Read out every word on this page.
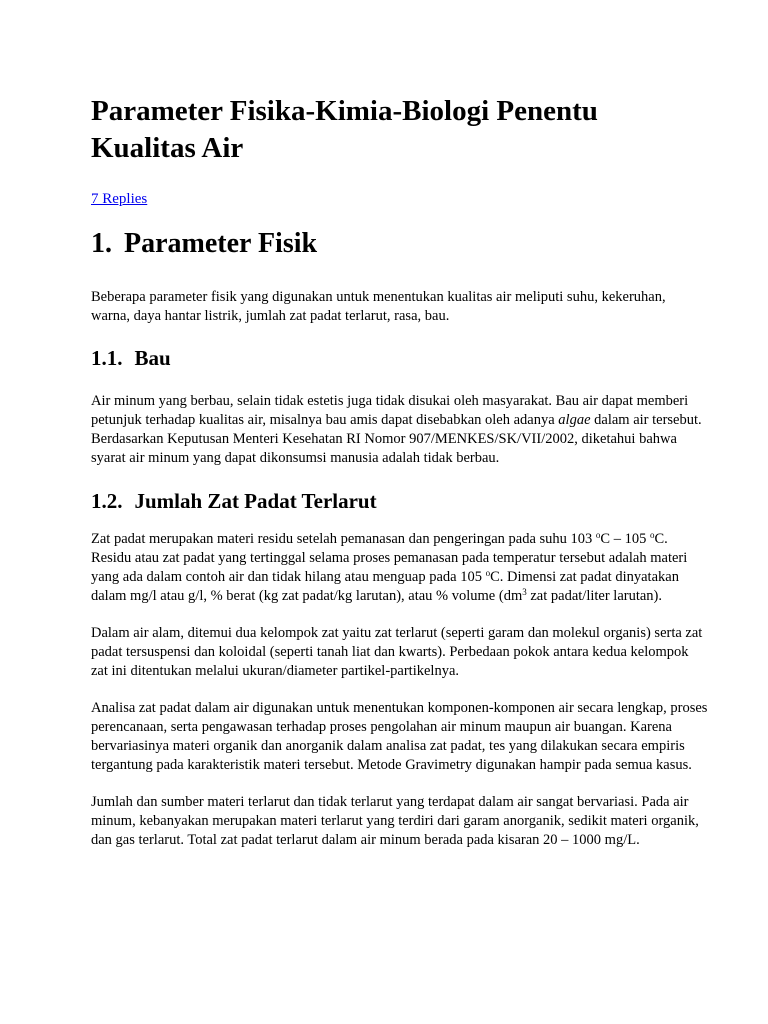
Parameter Fisika-Kimia-Biologi Penentu Kualitas Air
7 Replies
1. Parameter Fisik

Beberapa parameter fisik yang digunakan untuk menentukan kualitas air meliputi suhu, kekeruhan, warna, daya hantar listrik, jumlah zat padat terlarut, rasa, bau.

1.1. Bau

Air minum yang berbau, selain tidak estetis juga tidak disukai oleh masyarakat. Bau air dapat memberi petunjuk terhadap kualitas air, misalnya bau amis dapat disebabkan oleh adanya algae dalam air tersebut. Berdasarkan Keputusan Menteri Kesehatan RI Nomor 907/MENKES/SK/VII/2002, diketahui bahwa syarat air minum yang dapat dikonsumsi manusia adalah tidak berbau.

1.2. Jumlah Zat Padat Terlarut

Zat padat merupakan materi residu setelah pemanasan dan pengeringan pada suhu 103 $^o$C – 105 $^o$C. Residu atau zat padat yang tertinggal selama proses pemanasan pada temperatur tersebut adalah materi yang ada dalam contoh air dan tidak hilang atau menguap pada 105 $^o$C. Dimensi zat padat dinyatakan dalam mg/l atau g/l, % berat (kg zat padat/kg larutan), atau % volume ($dm^3$ zat padat/liter larutan).

Dalam air alam, ditemui dua kelompok zat yaitu zat terlarut (seperti garam dan molekul organis) serta zat padat tersuspensi dan koloidal (seperti tanah liat dan kwarts). Perbedaan pokok antara kedua kelompok zat ini ditentukan melalui ukuran/diameter partikel-partikelnya.

Analisa zat padat dalam air digunakan untuk menentukan komponen-komponen air secara lengkap, proses perencanaan, serta pengawasan terhadap proses pengolahan air minum maupun air buangan. Karena bervariasinya materi organik dan anorganik dalam analisa zat padat, tes yang dilakukan secara empiris tergantung pada karakteristik materi tersebut. Metode Gravimetry digunakan hampir pada semua kasus.

Jumlah dan sumber materi terlarut dan tidak terlarut yang terdapat dalam air sangat bervariasi. Pada air minum, kebanyakan merupakan materi terlarut yang terdiri dari garam anorganik, sedikit materi organik, dan gas terlarut. Total zat padat terlarut dalam air minum berada pada kisaran 20 – 1000 mg/L.
